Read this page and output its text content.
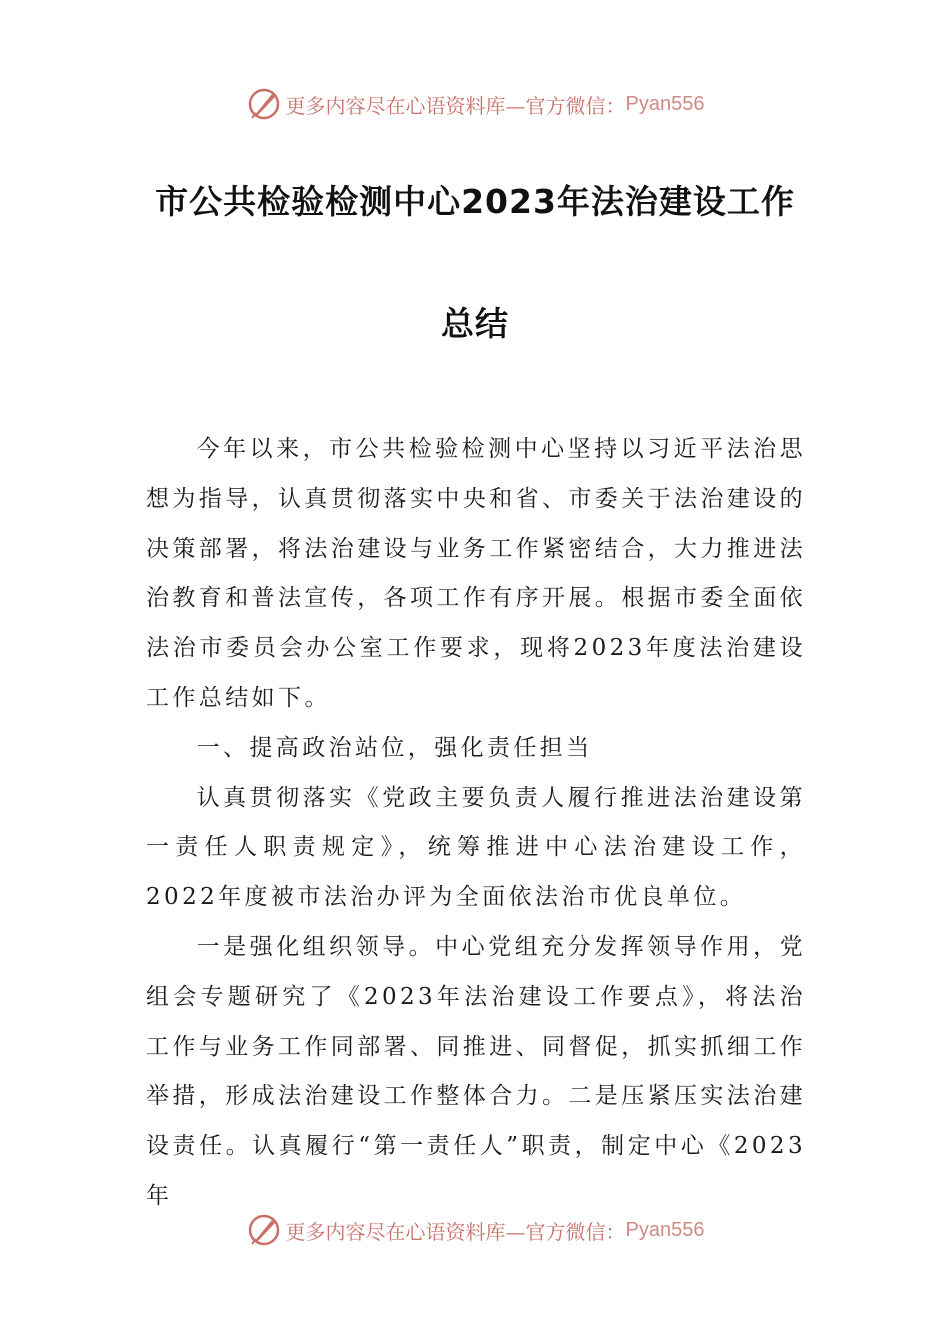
更多内容尽在心语资料库—官方微信： Pyan556
市公共检验检测中心2023年法治建设工作
总结

今年以来，市公共检验检测中心坚持以习近平法治思想为指导，认真贯彻落实中央和省、市委关于法治建设的决策部署，将法治建设与业务工作紧密结合，大力推进法治教育和普法宣传，各项工作有序开展。根据市委全面依法治市委员会办公室工作要求，现将2023年度法治建设工作总结如下。

一、提高政治站位，强化责任担当

认真贯彻落实《党政主要负责人履行推进法治建设第一责任人职责规定》，统筹推进中心法治建设工作，2022年度被市法治办评为全面依法治市优良单位。

一是强化组织领导。中心党组充分发挥领导作用，党组会专题研究了《2023年法治建设工作要点》，将法治工作与业务工作同部署、同推进、同督促，抓实抓细工作举措，形成法治建设工作整体合力。二是压紧压实法治建设责任。认真履行“第一责任人”职责，制定中心《2023年

更多内容尽在心语资料库—官方微信： Pyan556
